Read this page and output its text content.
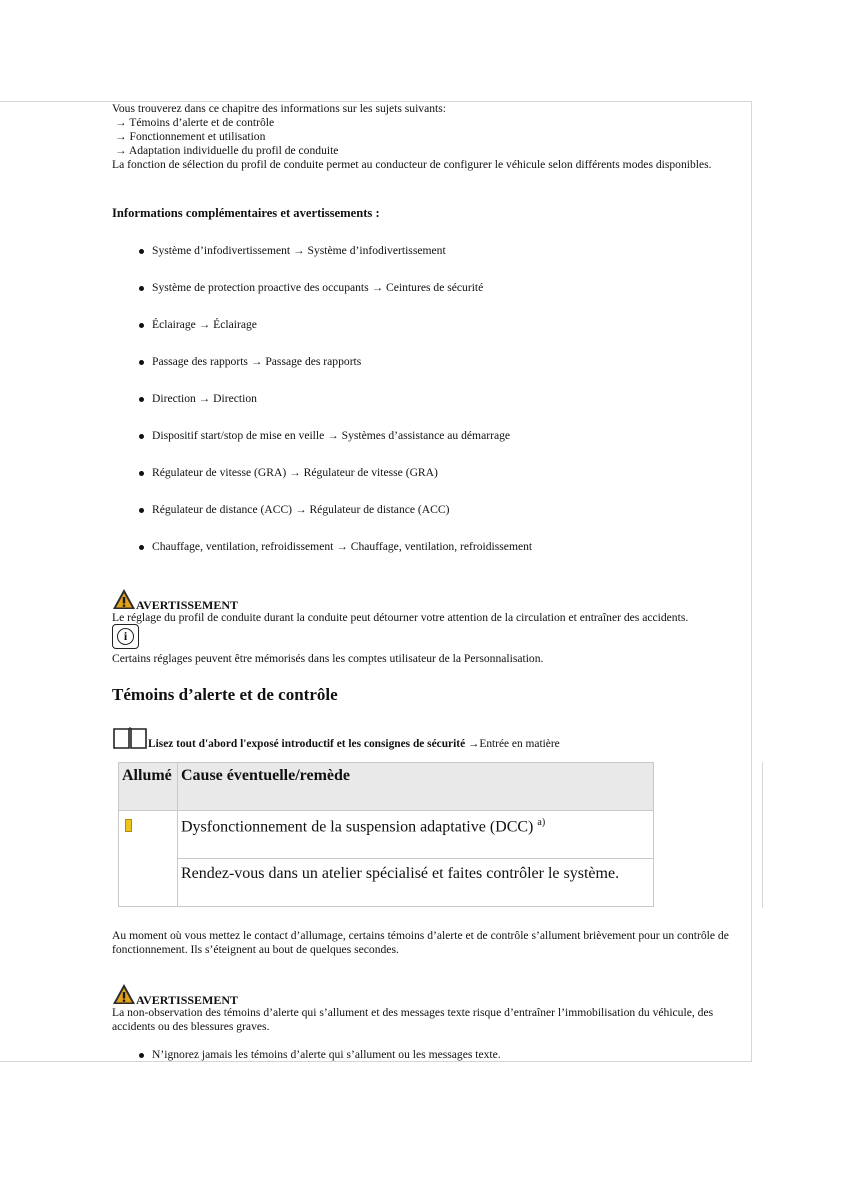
Vous trouverez dans ce chapitre des informations sur les sujets suivants:
→ Témoins d’alerte et de contrôle
→ Fonctionnement et utilisation
→ Adaptation individuelle du profil de conduite
La fonction de sélection du profil de conduite permet au conducteur de configurer le véhicule selon différents modes disponibles.
Informations complémentaires et avertissements :
Système d’infodivertissement → Système d’infodivertissement
Système de protection proactive des occupants → Ceintures de sécurité
Éclairage → Éclairage
Passage des rapports → Passage des rapports
Direction → Direction
Dispositif start/stop de mise en veille → Systèmes d’assistance au démarrage
Régulateur de vitesse (GRA) → Régulateur de vitesse (GRA)
Régulateur de distance (ACC) → Régulateur de distance (ACC)
Chauffage, ventilation, refroidissement → Chauffage, ventilation, refroidissement
AVERTISSEMENT
Le réglage du profil de conduite durant la conduite peut détourner votre attention de la circulation et entraîner des accidents.
i
Certains réglages peuvent être mémorisés dans les comptes utilisateur de la Personnalisation.
Témoins d’alerte et de contrôle
Lisez tout d'abord l'exposé introductif et les consignes de sécurité →Entrée en matière
Allumé	Cause éventuelle/remède
	Dysfonctionnement de la suspension adaptative (DCC) $^{a)}$
	Rendez-vous dans un atelier spécialisé et faites contrôler le système.
Au moment où vous mettez le contact d’allumage, certains témoins d’alerte et de contrôle s’allument brièvement pour un contrôle de fonctionnement. Ils s’éteignent au bout de quelques secondes.
AVERTISSEMENT
La non-observation des témoins d’alerte qui s’allument et des messages texte risque d’entraîner l’immobilisation du véhicule, des accidents ou des blessures graves.
N’ignorez jamais les témoins d’alerte qui s’allument ou les messages texte.
